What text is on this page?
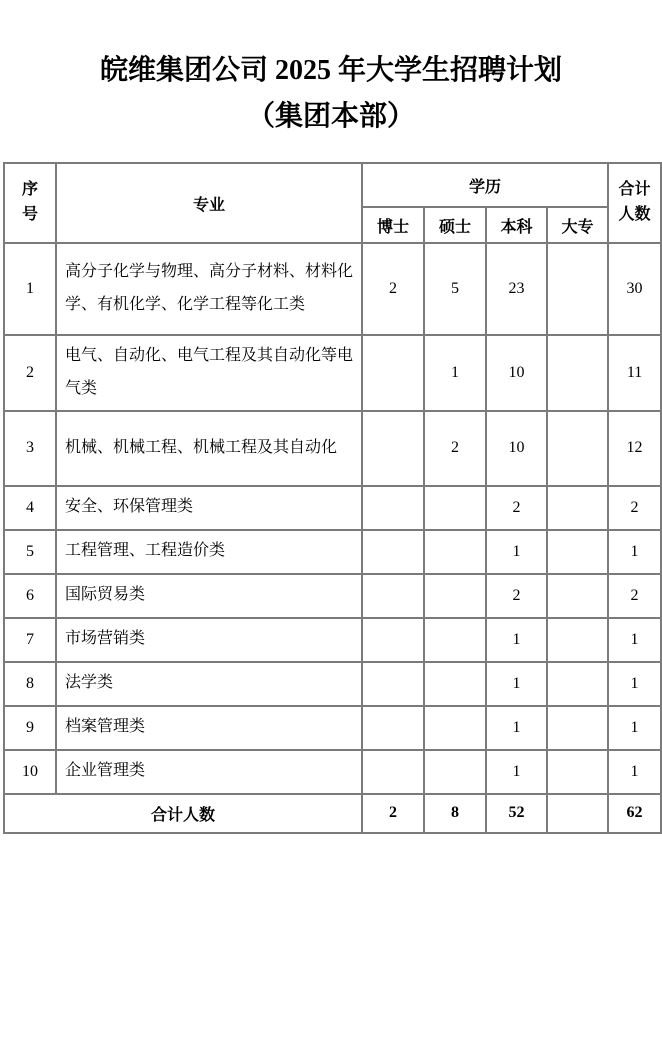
皖维集团公司 2025 年大学生招聘计划
（集团本部）
序号	专业	学历				合计人数
		博士	硕士	本科	大专	
1	高分子化学与物理、高分子材料、材料化学、有机化学、化学工程等化工类	2	5	23		30
2	电气、自动化、电气工程及其自动化等电气类		1	10		11
3	机械、机械工程、机械工程及其自动化		2	10		12
4	安全、环保管理类			2		2
5	工程管理、工程造价类			1		1
6	国际贸易类			2		2
7	市场营销类			1		1
8	法学类			1		1
9	档案管理类			1		1
10	企业管理类			1		1
合计人数		2	8	52		62
